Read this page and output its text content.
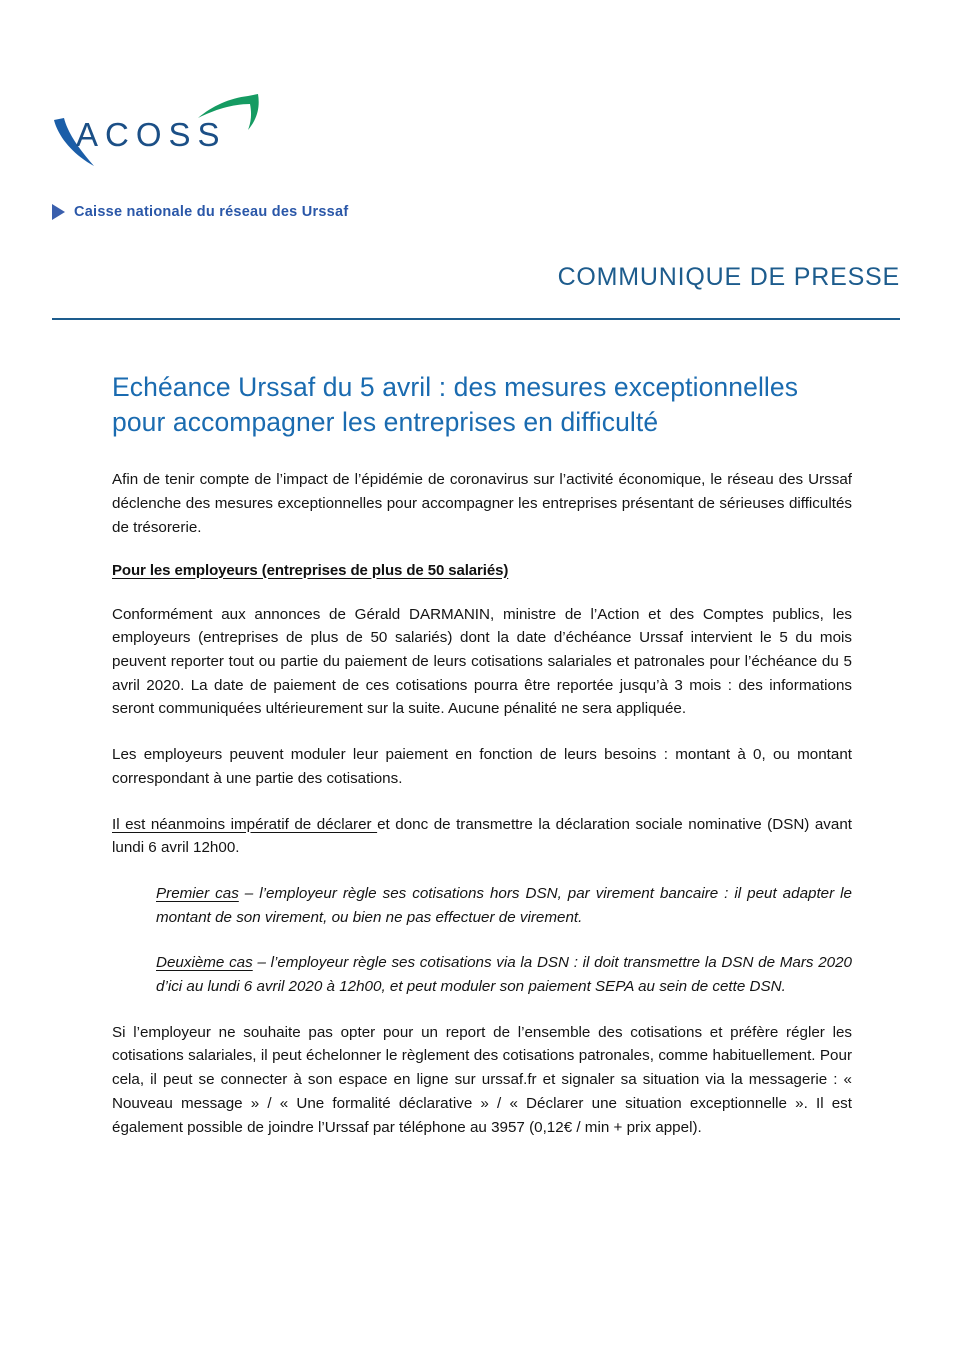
ACOSS
Caisse nationale du réseau des Urssaf
COMMUNIQUE DE PRESSE
Echéance Urssaf du 5 avril : des mesures exceptionnelles pour accompagner les entreprises en difficulté

Afin de tenir compte de l’impact de l’épidémie de coronavirus sur l’activité économique, le réseau des Urssaf déclenche des mesures exceptionnelles pour accompagner les entreprises présentant de sérieuses difficultés de trésorerie.

Pour les employeurs (entreprises de plus de 50 salariés)

Conformément aux annonces de Gérald DARMANIN, ministre de l’Action et des Comptes publics, les employeurs (entreprises de plus de 50 salariés) dont la date d’échéance Urssaf intervient le 5 du mois peuvent reporter tout ou partie du paiement de leurs cotisations salariales et patronales pour l’échéance du 5 avril 2020. La date de paiement de ces cotisations pourra être reportée jusqu’à 3 mois : des informations seront communiquées ultérieurement sur la suite. Aucune pénalité ne sera appliquée.

Les employeurs peuvent moduler leur paiement en fonction de leurs besoins : montant à 0, ou montant correspondant à une partie des cotisations.

Il est néanmoins impératif de déclarer et donc de transmettre la déclaration sociale nominative (DSN) avant lundi 6 avril 12h00.

Premier cas – l’employeur règle ses cotisations hors DSN, par virement bancaire : il peut adapter le montant de son virement, ou bien ne pas effectuer de virement.

Deuxième cas – l’employeur règle ses cotisations via la DSN : il doit transmettre la DSN de Mars 2020 d’ici au lundi 6 avril 2020 à 12h00, et peut moduler son paiement SEPA au sein de cette DSN.

Si l’employeur ne souhaite pas opter pour un report de l’ensemble des cotisations et préfère régler les cotisations salariales, il peut échelonner le règlement des cotisations patronales, comme habituellement. Pour cela, il peut se connecter à son espace en ligne sur urssaf.fr et signaler sa situation via la messagerie : « Nouveau message » / « Une formalité déclarative » / « Déclarer une situation exceptionnelle ». Il est également possible de joindre l’Urssaf par téléphone au 3957 (0,12€ / min + prix appel).
